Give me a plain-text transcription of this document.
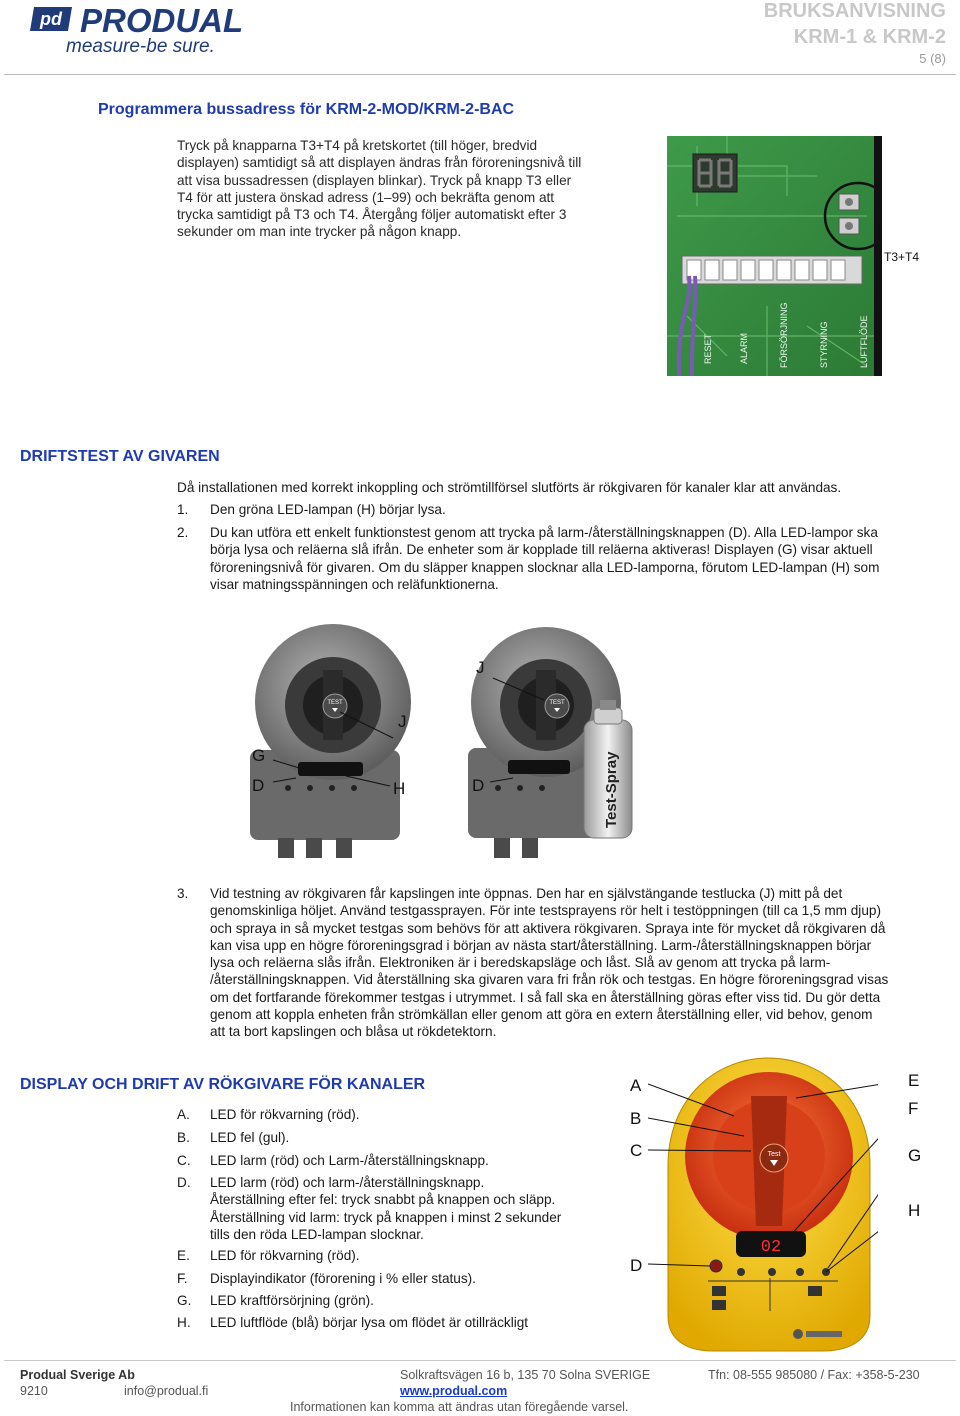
pd PRODUAL
measure-be sure.
BRUKSANVISNING
KRM-1 & KRM-2
5 (8)
Programmera bussadress för KRM-2-MOD/KRM-2-BAC
Tryck på knapparna T3+T4 på kretskortet (till höger, bredvid
displayen) samtidigt så att displayen ändras från föroreningsnivå till
att visa bussadressen (displayen blinkar). Tryck på knapp T3 eller
T4 för att justera önskad adress (1–99) och bekräfta genom att
trycka samtidigt på T3 och T4. Återgång följer automatiskt efter 3
sekunder om man inte trycker på någon knapp.
RESET	ALARM	FÖRSÖRJNING	STYRNING	LUFTFLÖDE
T3+T4
DRIFTSTEST AV GIVAREN
Då installationen med korrekt inkoppling och strömtillförsel slutförts är rökgivaren för kanaler klar att användas.
1. Den gröna LED-lampan (H) börjar lysa.
2. Du kan utföra ett enkelt funktionstest genom att trycka på larm-/återställningsknappen (D). Alla LED-lampor ska
börja lysa och reläerna slå ifrån. De enheter som är kopplade till reläerna aktiveras! Displayen (G) visar aktuell
föroreningsnivå för givaren. Om du släpper knappen slocknar alla LED-lamporna, förutom LED-lampan (H) som
visar matningsspänningen och reläfunktionerna.
TEST	TEST
Test-Spray
G
D	H
J
J
D
3. Vid testning av rökgivaren får kapslingen inte öppnas. Den har en självstängande testlucka (J) mitt på det
genomskinliga höljet. Använd testgassprayen. För inte testsprayens rör helt i testöppningen (till ca 1,5 mm djup)
och spraya in så mycket testgas som behövs för att aktivera rökgivaren. Spraya inte för mycket då rökgivaren då
kan visa upp en högre föroreningsgrad i början av nästa start/återställning. Larm-/återställningsknappen börjar
lysa och reläerna slås ifrån. Elektroniken är i beredskapsläge och låst. Slå av genom att trycka på larm-
/återställningsknappen. Vid återställning ska givaren vara fri från rök och testgas. En högre föroreningsgrad visas
om det fortfarande förekommer testgas i utrymmet. I så fall ska en återställning göras efter viss tid. Du gör detta
genom att koppla enheten från strömkällan eller genom att göra en extern återställning eller, vid behov, genom
att ta bort kapslingen och blåsa ut rökdetektorn.
DISPLAY OCH DRIFT AV RÖKGIVARE FÖR KANALER
A. LED för rökvarning (röd).
B. LED fel (gul).
C. LED larm (röd) och Larm-/återställningsknapp.
D. LED larm (röd) och larm-/återställningsknapp.
Återställning efter fel: tryck snabbt på knappen och släpp.
Återställning vid larm: tryck på knappen i minst 2 sekunder
tills den röda LED-lampan slocknar.
E. LED för rökvarning (röd).
F. Displayindikator (förorening i % eller status).
G. LED kraftförsörjning (grön).
H. LED luftflöde (blå) börjar lysa om flödet är otillräckligt
Test
02
A
B
C
D
E
F
G
H
Produal Sverige Ab
9210	info@produal.fi
Solkraftsvägen 16 b, 135 70 Solna SVERIGE
www.produal.com
Tfn: 08-555 985080 / Fax: +358-5-230
Informationen kan komma att ändras utan föregående varsel.
